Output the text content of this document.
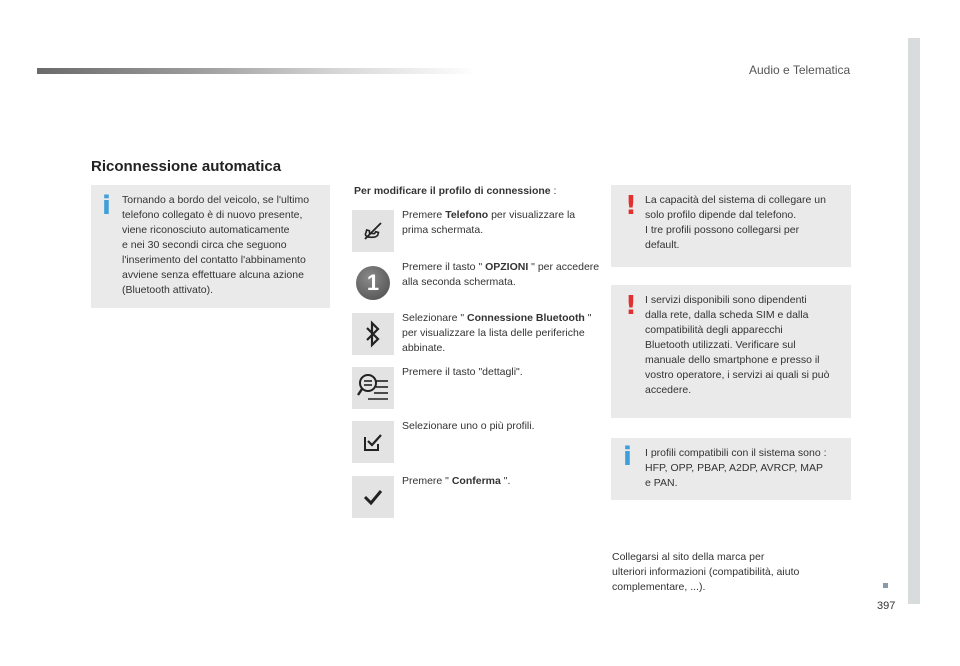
Audio e Telematica
397
Riconnessione automatica
i Tornando a bordo del veicolo, se l'ultimo
telefono collegato è di nuovo presente,
viene riconosciuto automaticamente
e nei 30 secondi circa che seguono
l'inserimento del contatto l'abbinamento
avviene senza effettuare alcuna azione
(Bluetooth attivato).
Per modificare il profilo di connessione :
Premere Telefono per visualizzare la prima schermata.
1
Premere il tasto " OPZIONI " per accedere alla seconda schermata.
Selezionare " Connessione Bluetooth " per visualizzare la lista delle periferiche abbinate.
Premere il tasto "dettagli".
Selezionare uno o più profili.
Premere " Conferma ".
! La capacità del sistema di collegare un
solo profilo dipende dal telefono.
I tre profili possono collegarsi per
default.
! I servizi disponibili sono dipendenti
dalla rete, dalla scheda SIM e dalla
compatibilità degli apparecchi
Bluetooth utilizzati. Verificare sul
manuale dello smartphone e presso il
vostro operatore, i servizi ai quali si può
accedere.
i I profili compatibili con il sistema sono :
HFP, OPP, PBAP, A2DP, AVRCP, MAP
e PAN.
Collegarsi al sito della marca per
ulteriori informazioni (compatibilità, aiuto
complementare, ...).
